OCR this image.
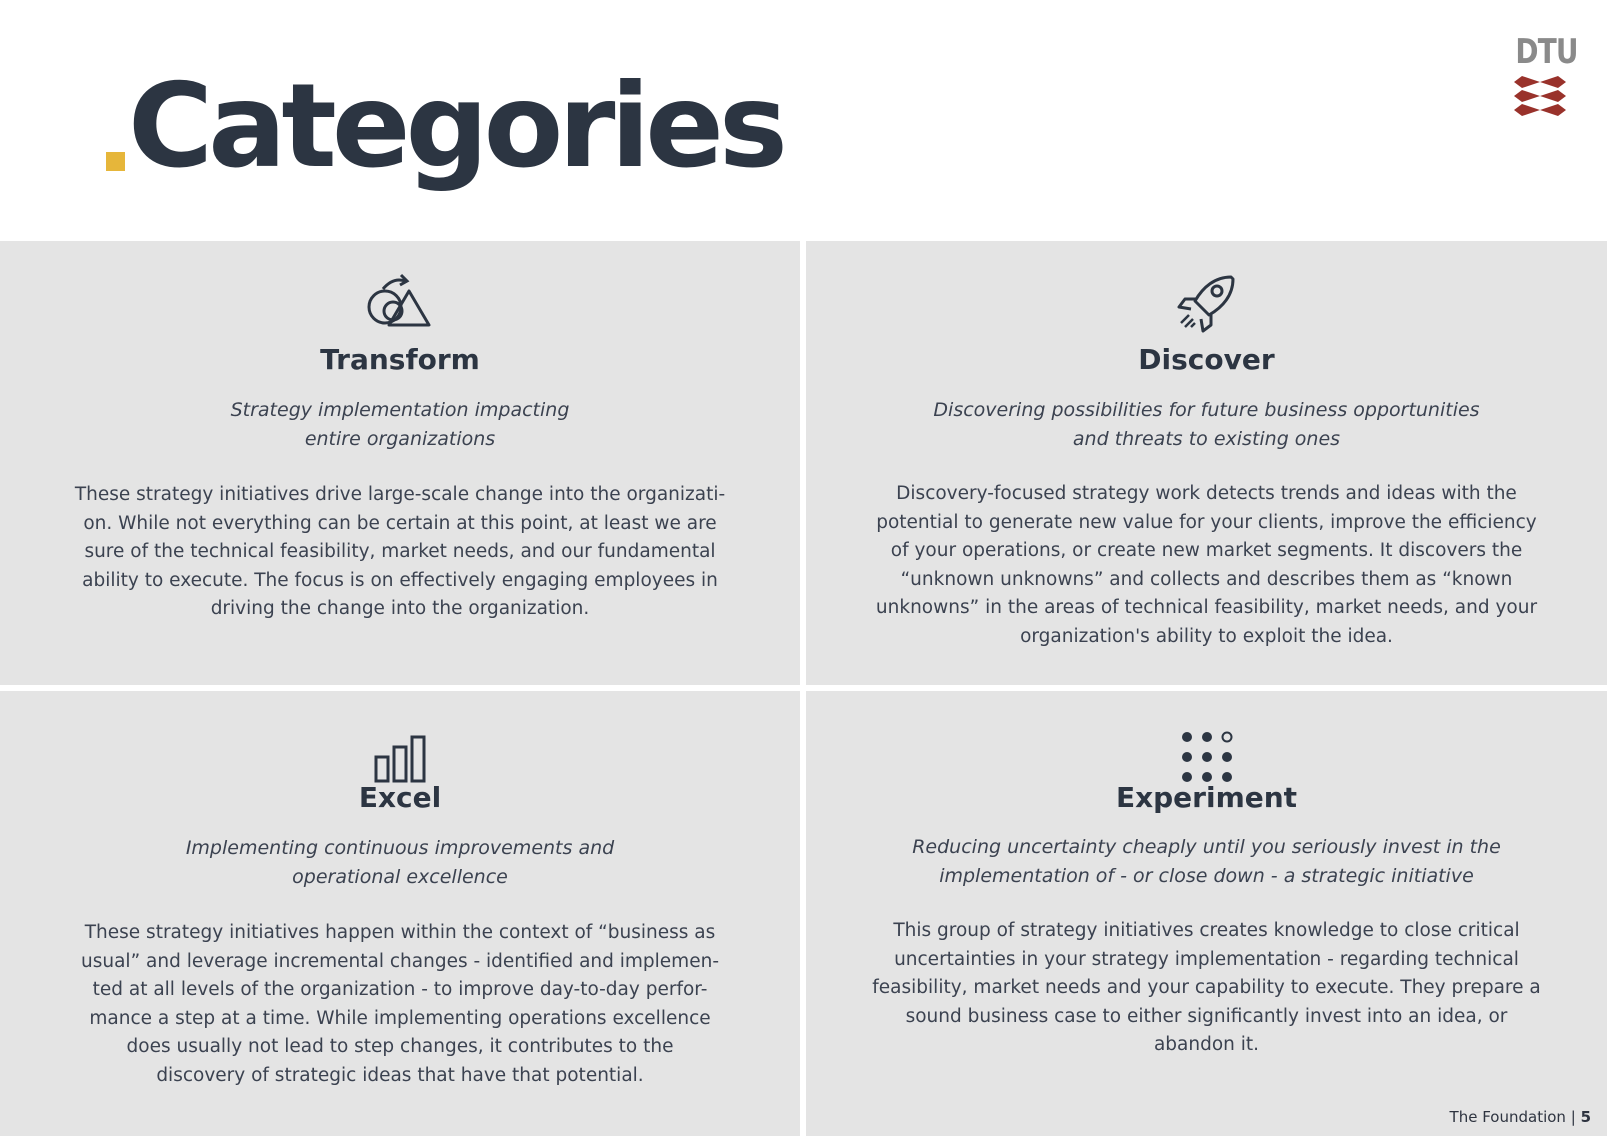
Categories
DTU
Transform

Strategy implementation impacting
entire organizations

These strategy initiatives drive large-scale change into the organizati-
on. While not everything can be certain at this point, at least we are
sure of the technical feasibility, market needs, and our fundamental
ability to execute. The focus is on effectively engaging employees in
driving the change into the organization.

Discover

Discovering possibilities for future business opportunities
and threats to existing ones

Discovery-focused strategy work detects trends and ideas with the
potential to generate new value for your clients, improve the efficiency
of your operations, or create new market segments. It discovers the
“unknown unknowns” and collects and describes them as “known
unknowns” in the areas of technical feasibility, market needs, and your
organization's ability to exploit the idea.

Excel

Implementing continuous improvements and
operational excellence

These strategy initiatives happen within the context of “business as
usual” and leverage incremental changes - identified and implemen-
ted at all levels of the organization - to improve day-to-day perfor-
mance a step at a time. While implementing operations excellence
does usually not lead to step changes, it contributes to the
discovery of strategic ideas that have that potential.

Experiment

Reducing uncertainty cheaply until you seriously invest in the
implementation of - or close down - a strategic initiative

This group of strategy initiatives creates knowledge to close critical
uncertainties in your strategy implementation - regarding technical
feasibility, market needs and your capability to execute. They prepare a
sound business case to either significantly invest into an idea, or
abandon it.

The Foundation | 5
